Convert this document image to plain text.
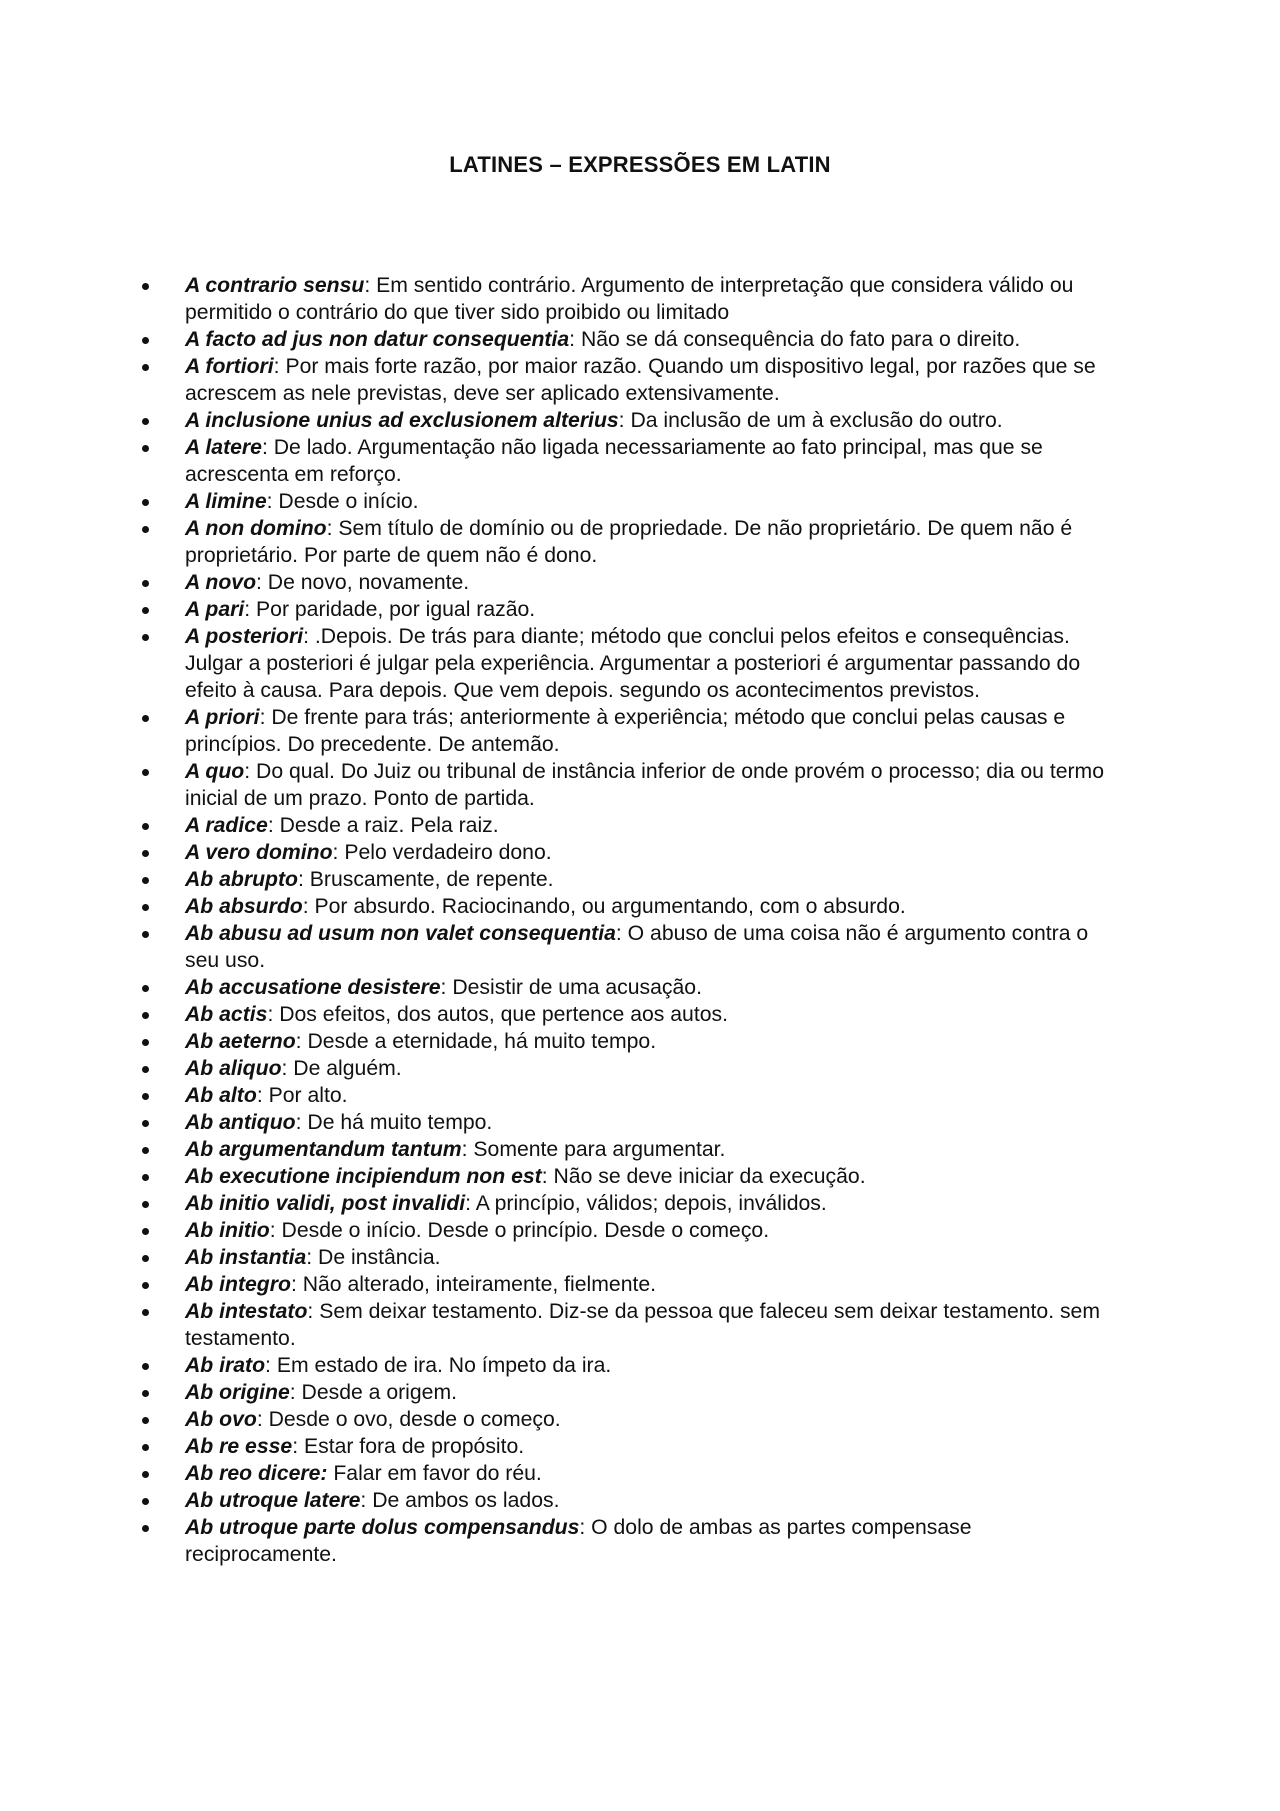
LATINES – EXPRESSÕES EM LATIN
A contrario sensu: Em sentido contrário. Argumento de interpretação que considera válido ou permitido o contrário do que tiver sido proibido ou limitado
A facto ad jus non datur consequentia: Não se dá consequência do fato para o direito.
A fortiori: Por mais forte razão, por maior razão. Quando um dispositivo legal, por razões que se acrescem as nele previstas, deve ser aplicado extensivamente.
A inclusione unius ad exclusionem alterius: Da inclusão de um à exclusão do outro.
A latere: De lado. Argumentação não ligada necessariamente ao fato principal, mas que se acrescenta em reforço.
A limine: Desde o início.
A non domino: Sem título de domínio ou de propriedade. De não proprietário. De quem não é proprietário. Por parte de quem não é dono.
A novo: De novo, novamente.
A pari: Por paridade, por igual razão.
A posteriori: .Depois. De trás para diante; método que conclui pelos efeitos e consequências. Julgar a posteriori é julgar pela experiência. Argumentar a posteriori é argumentar passando do efeito à causa. Para depois. Que vem depois. segundo os acontecimentos previstos.
A priori: De frente para trás; anteriormente à experiência; método que conclui pelas causas e princípios. Do precedente. De antemão.
A quo: Do qual. Do Juiz ou tribunal de instância inferior de onde provém o processo; dia ou termo inicial de um prazo. Ponto de partida.
A radice: Desde a raiz. Pela raiz.
A vero domino: Pelo verdadeiro dono.
Ab abrupto: Bruscamente, de repente.
Ab absurdo: Por absurdo. Raciocinando, ou argumentando, com o absurdo.
Ab abusu ad usum non valet consequentia: O abuso de uma coisa não é argumento contra o seu uso.
Ab accusatione desistere: Desistir de uma acusação.
Ab actis: Dos efeitos, dos autos, que pertence aos autos.
Ab aeterno: Desde a eternidade, há muito tempo.
Ab aliquo: De alguém.
Ab alto: Por alto.
Ab antiquo: De há muito tempo.
Ab argumentandum tantum: Somente para argumentar.
Ab executione incipiendum non est: Não se deve iniciar da execução.
Ab initio validi, post invalidi: A princípio, válidos; depois, inválidos.
Ab initio: Desde o início. Desde o princípio. Desde o começo.
Ab instantia: De instância.
Ab integro: Não alterado, inteiramente, fielmente.
Ab intestato: Sem deixar testamento. Diz-se da pessoa que faleceu sem deixar testamento. sem testamento.
Ab irato: Em estado de ira. No ímpeto da ira.
Ab origine: Desde a origem.
Ab ovo: Desde o ovo, desde o começo.
Ab re esse: Estar fora de propósito.
Ab reo dicere: Falar em favor do réu.
Ab utroque latere: De ambos os lados.
Ab utroque parte dolus compensandus: O dolo de ambas as partes compensase reciprocamente.
